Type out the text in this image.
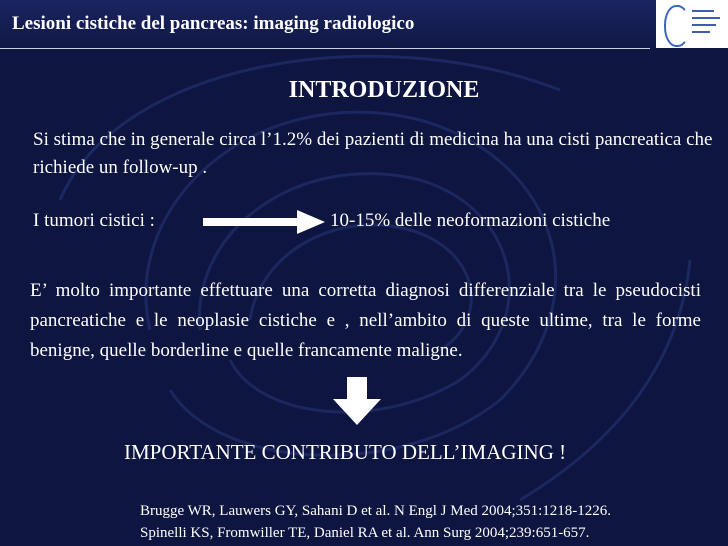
Lesioni cistiche del pancreas: imaging radiologico
INTRODUZIONE
Si stima che in generale circa l’1.2% dei pazienti di medicina ha una cisti pancreatica che richiede un follow-up .
I tumori cistici :	10-15% delle neoformazioni cistiche
E’ molto importante effettuare una corretta diagnosi differenziale tra le pseudocisti pancreatiche e le neoplasie cistiche e , nell’ambito di queste ultime, tra le forme benigne, quelle borderline e quelle francamente maligne.
IMPORTANTE CONTRIBUTO DELL’IMAGING !
Brugge WR, Lauwers GY, Sahani D et al. N Engl J Med 2004;351:1218-1226.
Spinelli KS, Fromwiller TE, Daniel RA et al. Ann Surg 2004;239:651-657.
